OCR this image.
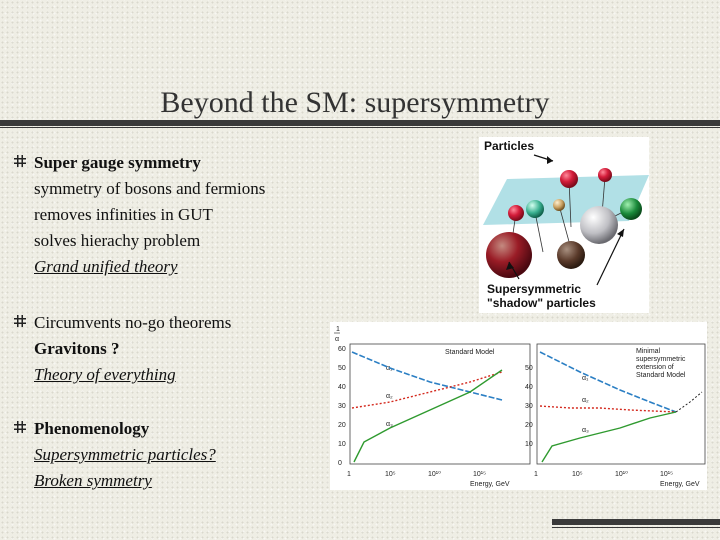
Beyond the SM: supersymmetry
Super gauge symmetry
symmetry of bosons and fermions
removes infinities in GUT
solves hierachy problem
Grand unified theory
Circumvents no-go theorems
Gravitons ?
Theory of everything
Phenomenology
Supersymmetric particles?
Broken symmetry
Particles
Supersymmetric
"shadow" particles
1
α
60
50
40
30
20
10
0
50
40
30
20
10
1	10⁵	10¹⁰	10¹⁵	1	10⁵	10¹⁰	10¹⁵
Energy, GeV	Energy, GeV
Standard Model	Minimal
supersymmetric
extension of
Standard Model
α₁
α₂
α₃
α₁
α₂
α₃
